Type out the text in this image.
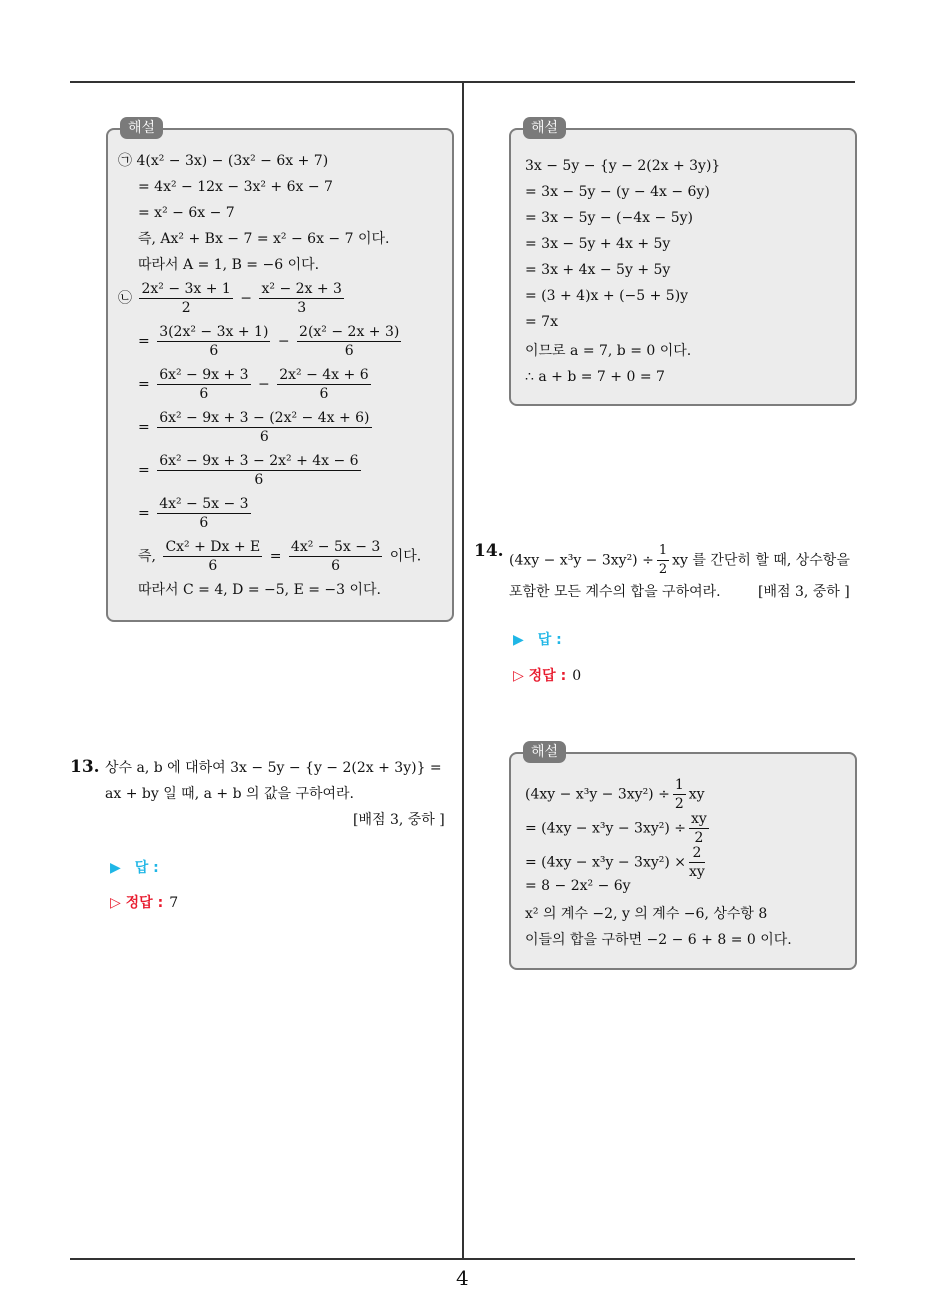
㉠ 4(x² − 3x) − (3x² − 6x + 7)
= 4x² − 12x − 3x² + 6x − 7
= x² − 6x − 7
즉, Ax² + Bx − 7 = x² − 6x − 7 이다.
따라서 A = 1, B = −6 이다.
㉡ $\frac{\text{2x² − 3x + 1}}{2} - \frac{\text{x² − 2x + 3}}{3}$
= $\frac{\text{3(2x² − 3x + 1)}}{6} - \frac{\text{2(x² − 2x + 3)}}{6}$
= $\frac{\text{6x² − 9x + 3}}{6} - \frac{\text{2x² − 4x + 6}}{6}$
= $\frac{\text{6x² − 9x + 3 − (2x² − 4x + 6)}}{6}$
= $\frac{\text{6x² − 9x + 3 − 2x² + 4x − 6}}{6}$
= $\frac{\text{4x² − 5x − 3}}{6}$
즉, $\frac{\text{Cx² + Dx + E}}{6} = \frac{\text{4x² − 5x − 3}}{6}$ 이다.
따라서 C = 4, D = −5, E = −3 이다.
해설
13. 상수 a, b 에 대하여 3x − 5y − {y − 2(2x + 3y)} =
ax + by 일 때, a + b 의 값을 구하여라.
[배점 3, 중하 ]
▶ 답 :
▷ 정답 : 7
3x − 5y − {y − 2(2x + 3y)}
= 3x − 5y − (y − 4x − 6y)
= 3x − 5y − (−4x − 5y)
= 3x − 5y + 4x + 5y
= 3x + 4x − 5y + 5y
= (3 + 4)x + (−5 + 5)y
= 7x
이므로 a = 7, b = 0 이다.
∴ a + b = 7 + 0 = 7
해설
14. $(4xy - x^3y - 3xy^2) \div \frac{1}{2}$ xy 를 간단히 할 때, 상수항을
포함한 모든 계수의 합을 구하여라.	[배점 3, 중하 ]
▶ 답 :
▷ 정답 : 0
$(4xy - x^3y - 3xy^2) \div \frac{1}{2}$ xy
= $(4xy - x^3y - 3xy^2) \div \frac{xy}{2}$
= $(4xy - x^3y - 3xy^2) \times \frac{2}{xy}$
= 8 − 2x² − 6y
x² 의 계수 −2, y 의 계수 −6, 상수항 8
이들의 합을 구하면 −2 − 6 + 8 = 0 이다.
해설
4
